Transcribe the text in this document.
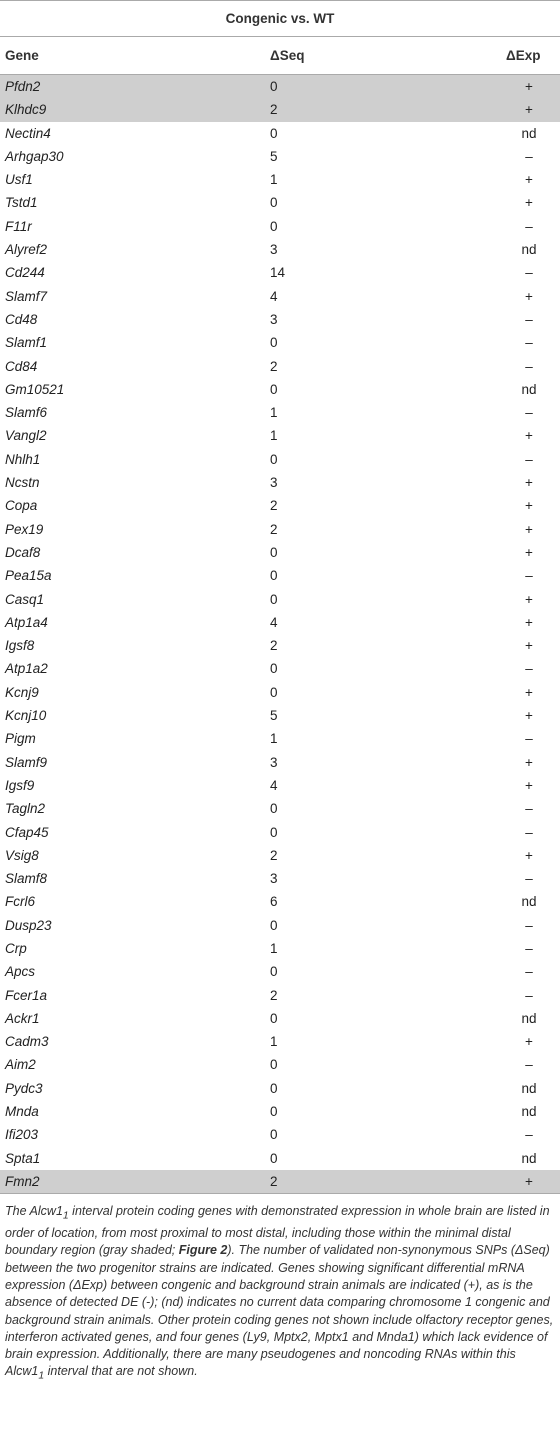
Congenic vs. WT
Gene	ΔSeq	ΔExp
Pfdn2	0	+
Klhdc9	2	+
Nectin4	0	nd
Arhgap30	5	–
Usf1	1	+
Tstd1	0	+
F11r	0	–
Alyref2	3	nd
Cd244	14	–
Slamf7	4	+
Cd48	3	–
Slamf1	0	–
Cd84	2	–
Gm10521	0	nd
Slamf6	1	–
Vangl2	1	+
Nhlh1	0	–
Ncstn	3	+
Copa	2	+
Pex19	2	+
Dcaf8	0	+
Pea15a	0	–
Casq1	0	+
Atp1a4	4	+
Igsf8	2	+
Atp1a2	0	–
Kcnj9	0	+
Kcnj10	5	+
Pigm	1	–
Slamf9	3	+
Igsf9	4	+
Tagln2	0	–
Cfap45	0	–
Vsig8	2	+
Slamf8	3	–
Fcrl6	6	nd
Dusp23	0	–
Crp	1	–
Apcs	0	–
Fcer1a	2	–
Ackr1	0	nd
Cadm3	1	+
Aim2	0	–
Pydc3	0	nd
Mnda	0	nd
Ifi203	0	–
Spta1	0	nd
Fmn2	2	+
The $Alcw1_1$ interval protein coding genes with demonstrated expression in whole brain are listed in order of location, from most proximal to most distal, including those within the minimal distal boundary region (gray shaded; Figure 2). The number of validated non-synonymous SNPs (ΔSeq) between the two progenitor strains are indicated. Genes showing significant differential mRNA expression (ΔExp) between congenic and background strain animals are indicated (+), as is the absence of detected DE (-); (nd) indicates no current data comparing chromosome 1 congenic and background strain animals. Other protein coding genes not shown include olfactory receptor genes, interferon activated genes, and four genes (Ly9, Mptx2, Mptx1 and Mnda1) which lack evidence of brain expression. Additionally, there are many pseudogenes and noncoding RNAs within this $Alcw1_1$ interval that are not shown.
